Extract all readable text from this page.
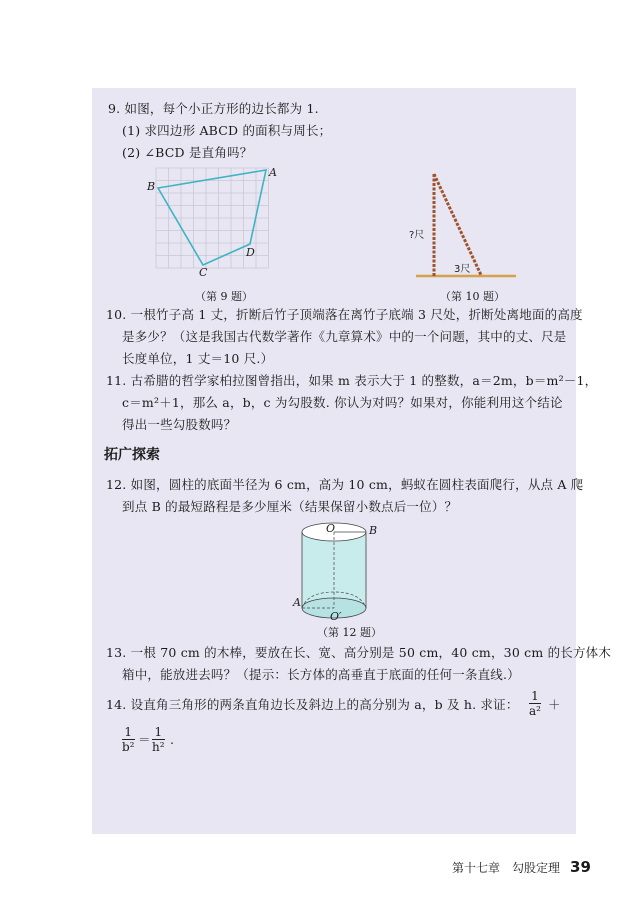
9. 如图，每个小正方形的边长都为 1.
(1) 求四边形 ABCD 的面积与周长；
(2) ∠BCD 是直角吗？
A
B
C
D
（第 9 题）
?尺
3尺
（第 10 题）
10. 一根竹子高 1 丈，折断后竹子顶端落在离竹子底端 3 尺处，折断处离地面的高度
是多少？（这是我国古代数学著作《九章算术》中的一个问题，其中的丈、尺是
长度单位，1 丈＝10 尺.）
11. 古希腊的哲学家柏拉图曾指出，如果 m 表示大于 1 的整数，a＝2m，b＝m²－1，
c＝m²＋1，那么 a，b，c 为勾股数. 你认为对吗？如果对，你能利用这个结论
得出一些勾股数吗？
拓广探索
12. 如图，圆柱的底面半径为 6 cm，高为 10 cm，蚂蚁在圆柱表面爬行，从点 A 爬
到点 B 的最短路程是多少厘米（结果保留小数点后一位）？
O
O′
A
B
（第 12 题）
13. 一根 70 cm 的木棒，要放在长、宽、高分别是 50 cm，40 cm，30 cm 的长方体木
箱中，能放进去吗？（提示：长方体的高垂直于底面的任何一条直线.）
14. 设直角三角形的两条直角边长及斜边上的高分别为 a，b 及 h. 求证： $\frac{1}{\text{a²}}$ ＋
$\frac{1}{\text{b²}} = \frac{1}{\text{h²}}$ .
第十七章　勾股定理 39
